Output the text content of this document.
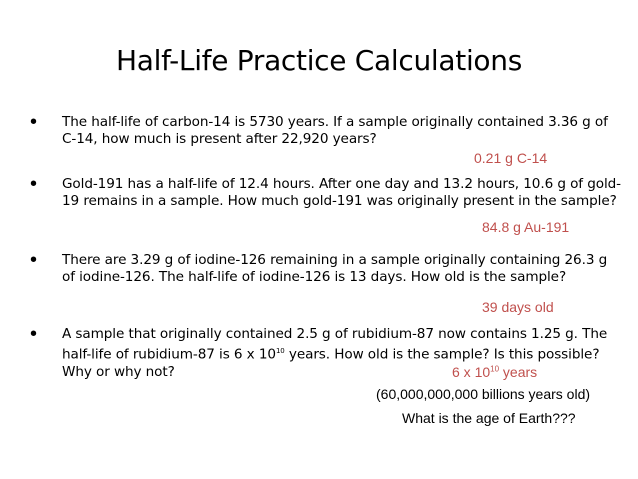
Half-Life Practice Calculations
• The half-life of carbon-14 is 5730 years. If a sample originally contained 3.36 g of C-14, how much is present after 22,920 years?
0.21 g C-14
• Gold-191 has a half-life of 12.4 hours. After one day and 13.2 hours, 10.6 g of gold-19 remains in a sample. How much gold-191 was originally present in the sample?
84.8 g Au-191
• There are 3.29 g of iodine-126 remaining in a sample originally containing 26.3 g of iodine-126. The half-life of iodine-126 is 13 days. How old is the sample?
39 days old
• A sample that originally contained 2.5 g of rubidium-87 now contains 1.25 g. The half-life of rubidium-87 is 6 x $10^{10}$ years. How old is the sample? Is this possible? Why or why not?	6 x $10^{10}$ years
(60,000,000,000 billions years old)
What is the age of Earth???
